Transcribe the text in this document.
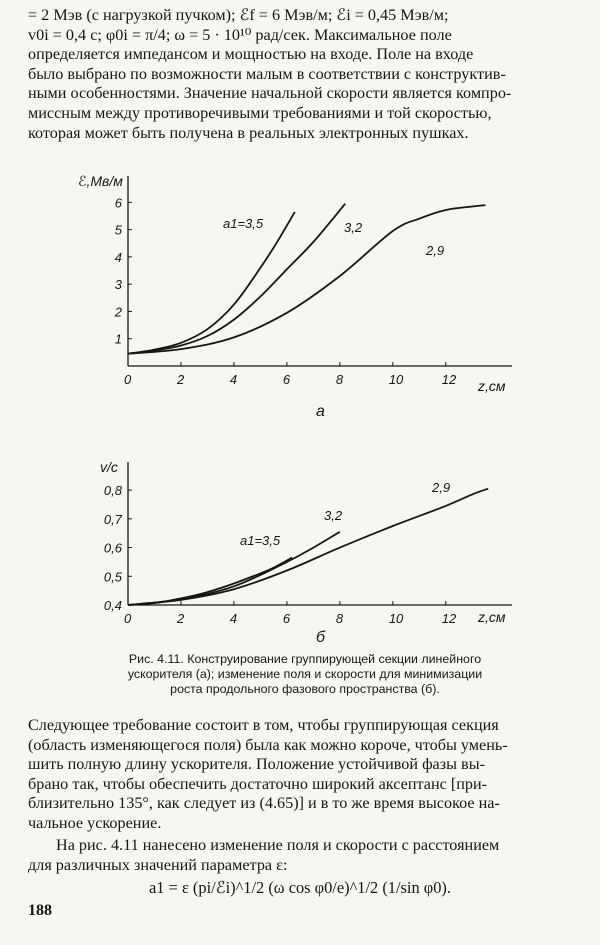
= 2 Мэв (с нагрузкой пучком); ℰf = 6 Мэв/м; ℰi = 0,45 Мэв/м;

v0i = 0,4 c; φ0i = π/4; ω = 5 · 10¹⁰ рад/сек. Максимальное поле

определяется импедансом и мощностью на входе. Поле на входе

было выбрано по возможности малым в соответствии с конструктив-

ными особенностями. Значение начальной скорости является компро-

миссным между противоречивыми требованиями и той скоростью,

которая может быть получена в реальных электронных пушках.

ℰ,Мв/м
z,см
а
0	2	4	6	8	10	12
1
2
3
4
5
6
a1=3,5	3,2
2,9
v/c
z,см
б
0	2	4	6	8	10	12
0,4
0,5
0,6
0,7
0,8
a1=3,5
3,2
2,9
Рис. 4.11. Конструирование группирующей секции линейного
ускорителя (а); изменение поля и скорости для минимизации
роста продольного фазового пространства (б).

Следующее требование состоит в том, чтобы группирующая секция

(область изменяющегося поля) была как можно короче, чтобы умень-

шить полную длину ускорителя. Положение устойчивой фазы вы-

брано так, чтобы обеспечить достаточно широкий аксептанс [при-

близительно 135°, как следует из (4.65)] и в то же время высокое на-

чальное ускорение.

На рис. 4.11 нанесено изменение поля и скорости с расстоянием

для различных значений параметра ε:

a1 = ε (pi/ℰi)^1/2 (ω cos φ0/e)^1/2 (1/sin φ0).
188
